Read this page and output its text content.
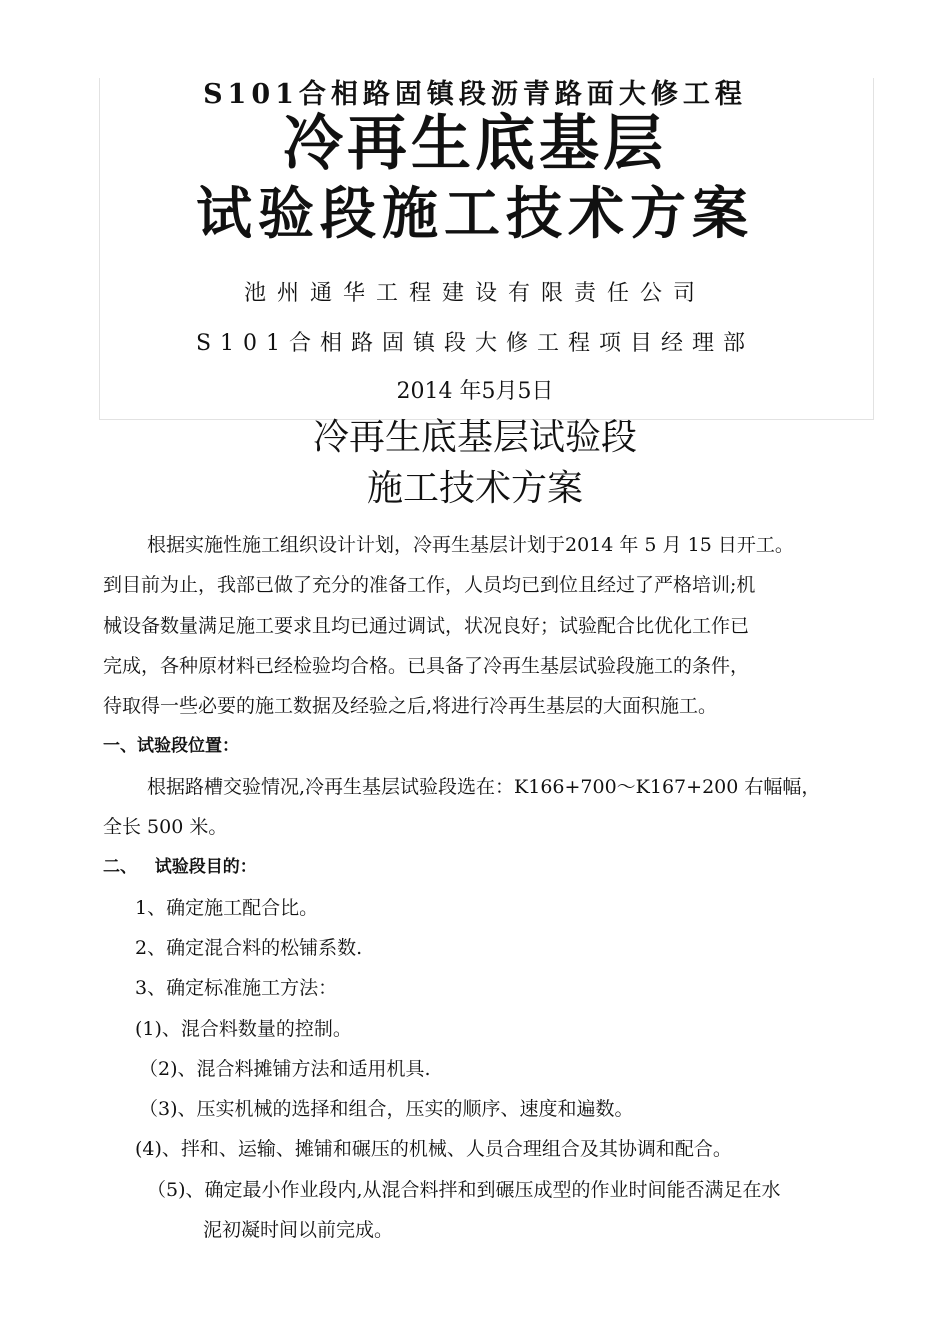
S101合相路固镇段沥青路面大修工程
冷再生底基层
试验段施工技术方案
池州通华工程建设有限责任公司
S101合相路固镇段大修工程项目经理部
2014 年5月5日
冷再生底基层试验段
施工技术方案

根据实施性施工组织设计计划，冷再生基层计划于2014 年 5 月 15 日开工。

到目前为止，我部已做了充分的准备工作，人员均已到位且经过了严格培训;机

械设备数量满足施工要求且均已通过调试，状况良好；试验配合比优化工作已

完成，各种原材料已经检验均合格。已具备了冷再生基层试验段施工的条件，

待取得一些必要的施工数据及经验之后,将进行冷再生基层的大面积施工。

一、试验段位置：

根据路槽交验情况,冷再生基层试验段选在：K166+700～K167+200 右幅幅，

全长 500 米。

二、   试验段目的：

1、确定施工配合比。

2、确定混合料的松铺系数.

3、确定标准施工方法：

(1)、混合料数量的控制。

（2)、混合料摊铺方法和适用机具.

（3)、压实机械的选择和组合，压实的顺序、速度和遍数。

(4)、拌和、运输、摊铺和碾压的机械、人员合理组合及其协调和配合。

（5)、确定最小作业段内,从混合料拌和到碾压成型的作业时间能否满足在水

泥初凝时间以前完成。
